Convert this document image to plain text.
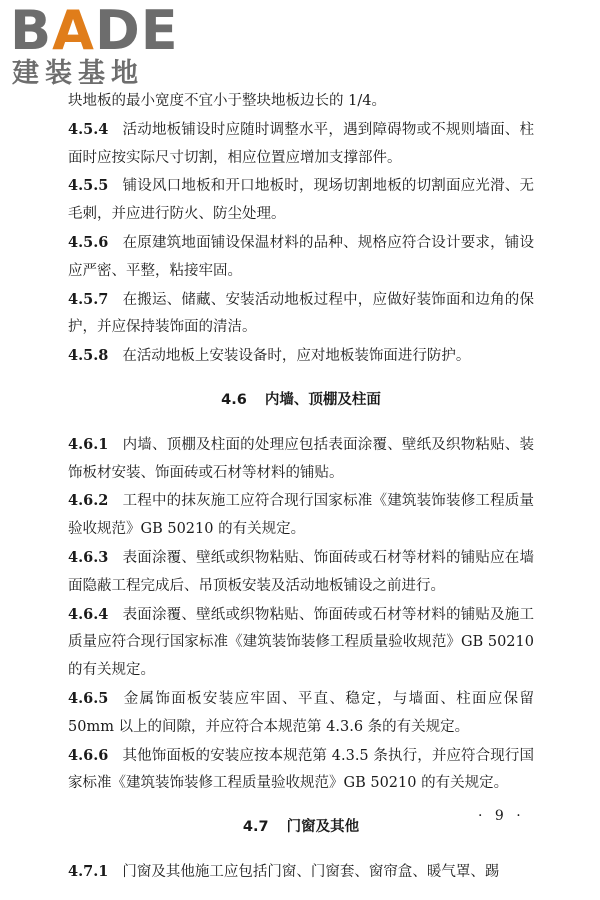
BADE
建装基地

块地板的最小宽度不宜小于整块地板边长的 1/4。

4.5.4 活动地板铺设时应随时调整水平，遇到障碍物或不规则墙面、柱面时应按实际尺寸切割，相应位置应增加支撑部件。

4.5.5 铺设风口地板和开口地板时，现场切割地板的切割面应光滑、无毛刺，并应进行防火、防尘处理。

4.5.6 在原建筑地面铺设保温材料的品种、规格应符合设计要求，铺设应严密、平整，粘接牢固。

4.5.7 在搬运、储藏、安装活动地板过程中，应做好装饰面和边角的保护，并应保持装饰面的清洁。

4.5.8 在活动地板上安装设备时，应对地板装饰面进行防护。

4.6 内墙、顶棚及柱面

4.6.1 内墙、顶棚及柱面的处理应包括表面涂覆、壁纸及织物粘贴、装饰板材安装、饰面砖或石材等材料的铺贴。

4.6.2 工程中的抹灰施工应符合现行国家标准《建筑装饰装修工程质量验收规范》GB 50210 的有关规定。

4.6.3 表面涂覆、壁纸或织物粘贴、饰面砖或石材等材料的铺贴应在墙面隐蔽工程完成后、吊顶板安装及活动地板铺设之前进行。

4.6.4 表面涂覆、壁纸或织物粘贴、饰面砖或石材等材料的铺贴及施工质量应符合现行国家标准《建筑装饰装修工程质量验收规范》GB 50210 的有关规定。

4.6.5 金属饰面板安装应牢固、平直、稳定，与墙面、柱面应保留 50mm 以上的间隙，并应符合本规范第 4.3.6 条的有关规定。

4.6.6 其他饰面板的安装应按本规范第 4.3.5 条执行，并应符合现行国家标准《建筑装饰装修工程质量验收规范》GB 50210 的有关规定。

4.7 门窗及其他

4.7.1 门窗及其他施工应包括门窗、门窗套、窗帘盒、暖气罩、踢

· 9 ·
